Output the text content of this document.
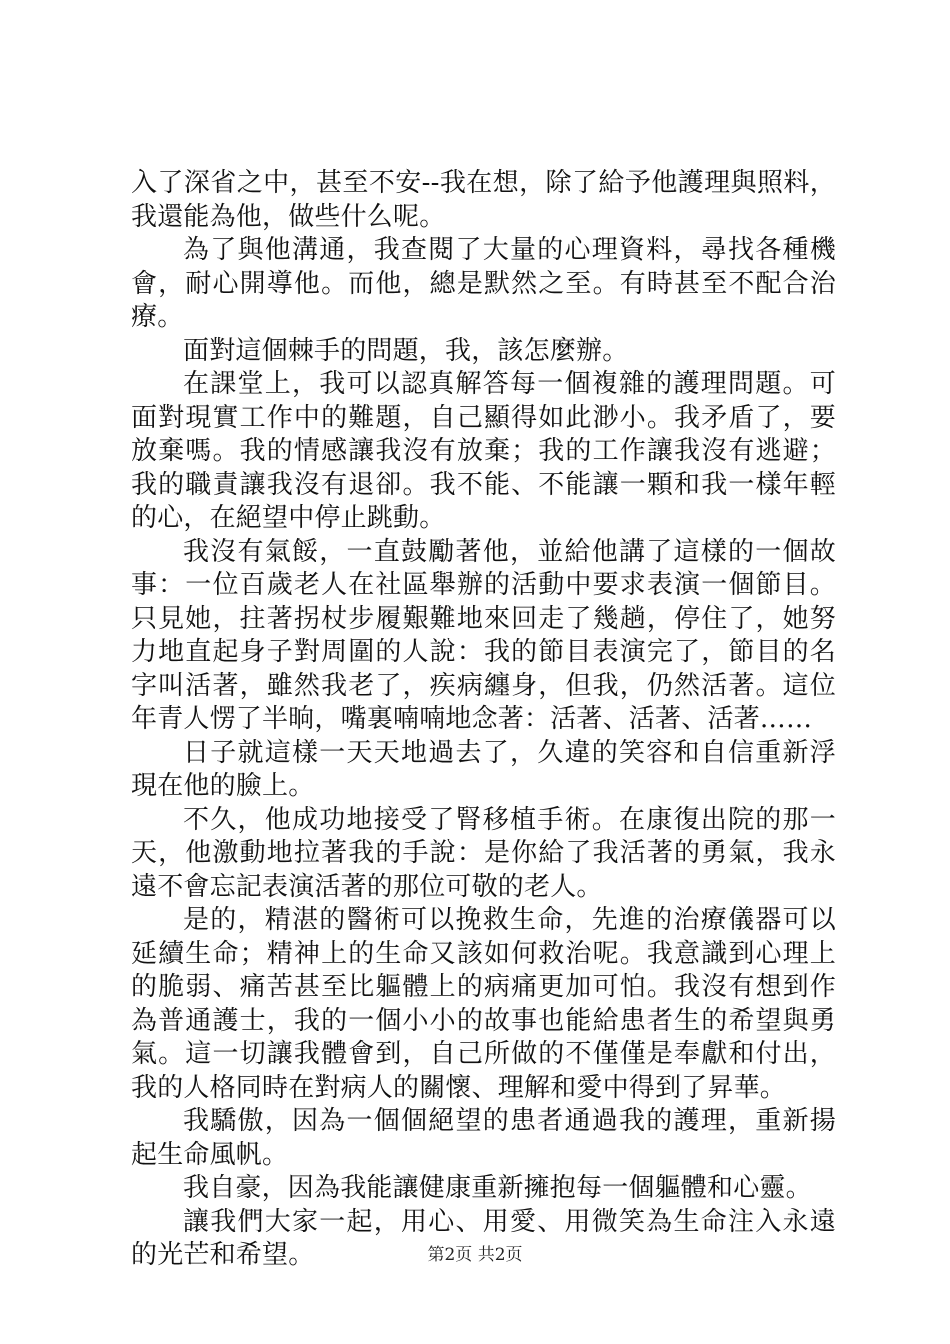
入了深省之中，甚至不安--我在想，除了給予他護理與照料，我還能為他，做些什么呢。

為了與他溝通，我查閱了大量的心理資料，尋找各種機會，耐心開導他。而他，總是默然之至。有時甚至不配合治療。

面對這個棘手的問題，我，該怎麼辦。

在課堂上，我可以認真解答每一個複雜的護理問題。可面對現實工作中的難題，自己顯得如此渺小。我矛盾了，要放棄嗎。我的情感讓我沒有放棄；我的工作讓我沒有逃避；我的職責讓我沒有退卻。我不能、不能讓一顆和我一樣年輕的心，在絕望中停止跳動。

我沒有氣餒，一直鼓勵著他，並給他講了這樣的一個故事：一位百歲老人在社區舉辦的活動中要求表演一個節目。只見她，拄著拐杖步履艱難地來回走了幾趟，停住了，她努力地直起身子對周圍的人說：我的節目表演完了，節目的名字叫活著，雖然我老了，疾病纏身，但我，仍然活著。這位年青人愣了半晌，嘴裏喃喃地念著：活著、活著、活著……

日子就這樣一天天地過去了，久違的笑容和自信重新浮現在他的臉上。

不久，他成功地接受了腎移植手術。在康復出院的那一天，他激動地拉著我的手說：是你給了我活著的勇氣，我永遠不會忘記表演活著的那位可敬的老人。

是的，精湛的醫術可以挽救生命，先進的治療儀器可以延續生命；精神上的生命又該如何救治呢。我意識到心理上的脆弱、痛苦甚至比軀體上的病痛更加可怕。我沒有想到作為普通護士，我的一個小小的故事也能給患者生的希望與勇氣。這一切讓我體會到，自己所做的不僅僅是奉獻和付出，我的人格同時在對病人的關懷、理解和愛中得到了昇華。

我驕傲，因為一個個絕望的患者通過我的護理，重新揚起生命風帆。

我自豪，因為我能讓健康重新擁抱每一個軀體和心靈。

讓我們大家一起，用心、用愛、用微笑為生命注入永遠的光芒和希望。	第2页 共2页
